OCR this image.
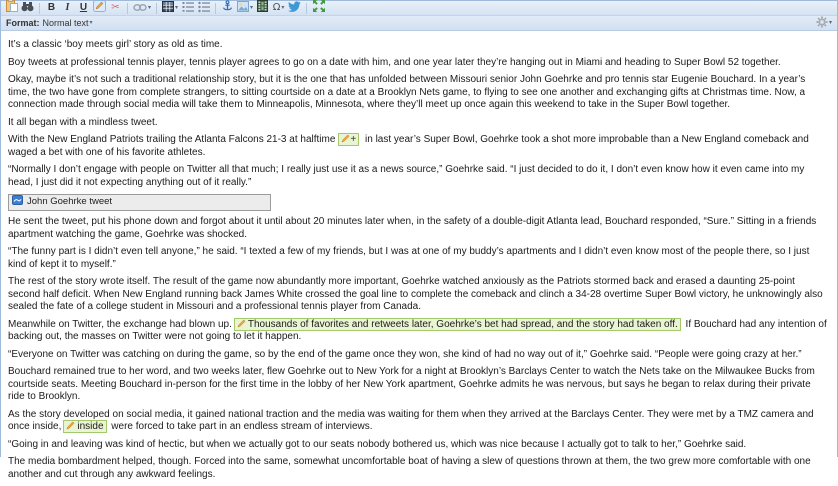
B I U ✂	▾	▾	▾ Ω ▾
Format: Normal text ▾	▾

It’s a classic ‘boy meets girl’ story as old as time.

Boy tweets at professional tennis player, tennis player agrees to go on a date with him, and one year later they’re hanging out in Miami and heading to Super Bowl 52 together.

Okay, maybe it’s not such a traditional relationship story, but it is the one that has unfolded between Missouri senior John Goehrke and pro tennis star Eugenie Bouchard. In a year’s time, the two have gone from complete strangers, to sitting courtside on a date at a Brooklyn Nets game, to flying to see one another and exchanging gifts at Christmas time. Now, a connection made through social media will take them to Minneapolis, Minnesota, where they’ll meet up once again this weekend to take in the Super Bowl together.

It all began with a mindless tweet.

With the New England Patriots trailing the Atlanta Falcons 21-3 at halftime + in last year’s Super Bowl, Goehrke took a shot more improbable than a New England comeback and waged a bet with one of his favorite athletes.

“Normally I don’t engage with people on Twitter all that much; I really just use it as a news source,” Goehrke said. “I just decided to do it, I don’t even know how it even came into my head, I just did it not expecting anything out of it really.”

John Goehrke tweet

He sent the tweet, put his phone down and forgot about it until about 20 minutes later when, in the safety of a double-digit Atlanta lead, Bouchard responded, “Sure.” Sitting in a friends apartment watching the game, Goehrke was shocked.

“The funny part is I didn’t even tell anyone,” he said. “I texted a few of my friends, but I was at one of my buddy’s apartments and I didn’t even know most of the people there, so I just kind of kept it to myself.”

The rest of the story wrote itself. The result of the game now abundantly more important, Goehrke watched anxiously as the Patriots stormed back and erased a daunting 25-point second half deficit. When New England running back James White crossed the goal line to complete the comeback and clinch a 34-28 overtime Super Bowl victory, he unknowingly also sealed the fate of a college student in Missouri and a professional tennis player from Canada.

Meanwhile on Twitter, the exchange had blown up. Thousands of favorites and retweets later, Goehrke’s bet had spread, and the story had taken off. If Bouchard had any intention of backing out, the masses on Twitter were not going to let it happen.

“Everyone on Twitter was catching on during the game, so by the end of the game once they won, she kind of had no way out of it,” Goehrke said. “People were going crazy at her.”

Bouchard remained true to her word, and two weeks later, flew Goehrke out to New York for a night at Brooklyn’s Barclays Center to watch the Nets take on the Milwaukee Bucks from courtside seats. Meeting Bouchard in-person for the first time in the lobby of her New York apartment, Goehrke admits he was nervous, but says he began to relax during their private ride to Brooklyn.

As the story developed on social media, it gained national traction and the media was waiting for them when they arrived at the Barclays Center. They were met by a TMZ camera and once inside, inside were forced to take part in an endless stream of interviews.

“Going in and leaving was kind of hectic, but when we actually got to our seats nobody bothered us, which was nice because I actually got to talk to her,” Goehrke said.

The media bombardment helped, though. Forced into the same, somewhat uncomfortable boat of having a slew of questions thrown at them, the two grew more comfortable with one another and cut through any awkward feelings.
